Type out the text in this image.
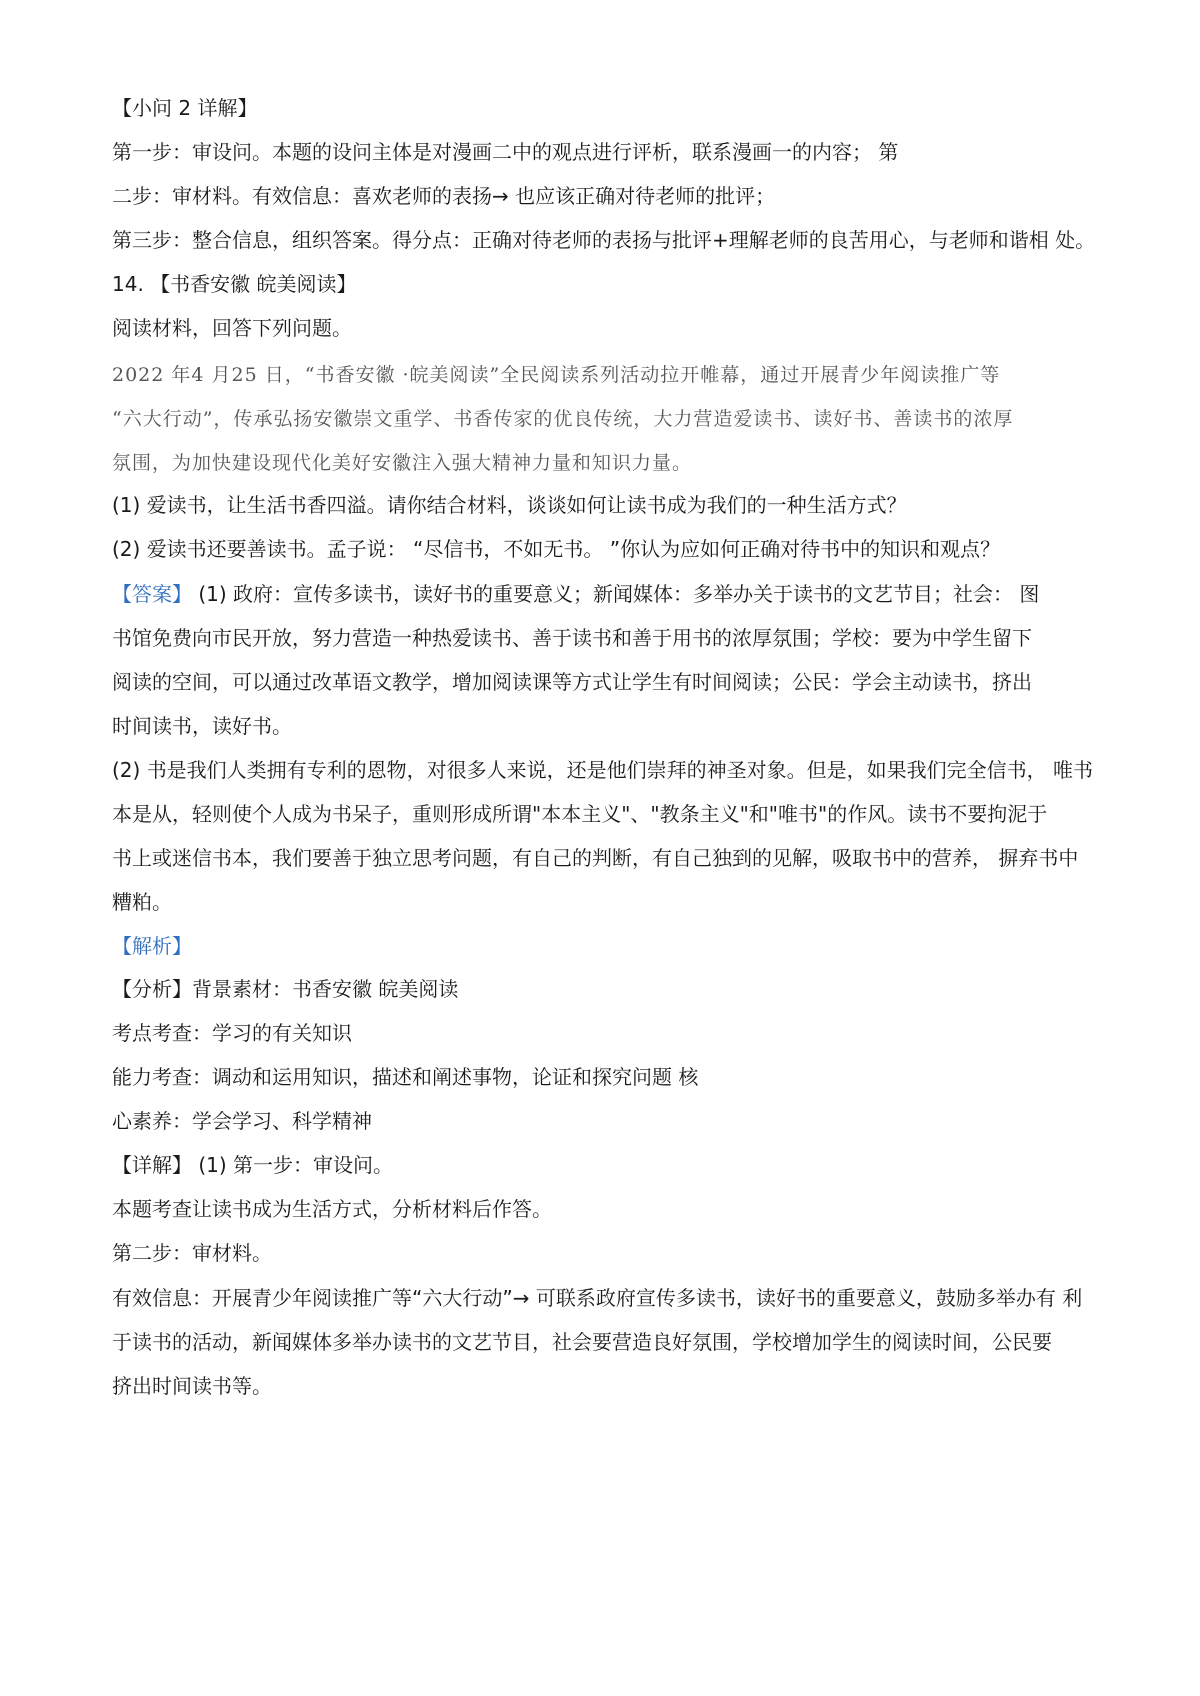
【小问 2 详解】
第一步：审设问。本题的设问主体是对漫画二中的观点进行评析，联系漫画一的内容； 第
二步：审材料。有效信息：喜欢老师的表扬→ 也应该正确对待老师的批评；
第三步：整合信息，组织答案。得分点：正确对待老师的表扬与批评+理解老师的良苦用心，与老师和谐相 处。
14. 【书香安徽 皖美阅读】
阅读材料，回答下列问题。
2022 年4 月25 日，“书香安徽 ·皖美阅读”全民阅读系列活动拉开帷幕，通过开展青少年阅读推广等
“六大行动”，传承弘扬安徽崇文重学、书香传家的优良传统，大力营造爱读书、读好书、善读书的浓厚
氛围，为加快建设现代化美好安徽注入强大精神力量和知识力量。
(1) 爱读书，让生活书香四溢。请你结合材料，谈谈如何让读书成为我们的一种生活方式？
(2) 爱读书还要善读书。孟子说： “尽信书，不如无书。 ”你认为应如何正确对待书中的知识和观点？
【答案】 (1) 政府：宣传多读书，读好书的重要意义；新闻媒体：多举办关于读书的文艺节目；社会： 图
书馆免费向市民开放，努力营造一种热爱读书、善于读书和善于用书的浓厚氛围；学校：要为中学生留下
阅读的空间，可以通过改革语文教学，增加阅读课等方式让学生有时间阅读；公民：学会主动读书，挤出
时间读书，读好书。
(2) 书是我们人类拥有专利的恩物，对很多人来说，还是他们崇拜的神圣对象。但是，如果我们完全信书， 唯书
本是从，轻则使个人成为书呆子，重则形成所谓"本本主义"、"教条主义"和"唯书"的作风。读书不要拘泥于
书上或迷信书本，我们要善于独立思考问题，有自己的判断，有自己独到的见解，吸取书中的营养， 摒弃书中
糟粕。
【解析】
【分析】背景素材：书香安徽 皖美阅读
考点考查：学习的有关知识
能力考查：调动和运用知识，描述和阐述事物，论证和探究问题 核
心素养：学会学习、科学精神
【详解】 (1) 第一步：审设问。
本题考查让读书成为生活方式，分析材料后作答。
第二步：审材料。
有效信息：开展青少年阅读推广等“六大行动”→ 可联系政府宣传多读书，读好书的重要意义，鼓励多举办有 利
于读书的活动，新闻媒体多举办读书的文艺节目，社会要营造良好氛围，学校增加学生的阅读时间，公民要
挤出时间读书等。
